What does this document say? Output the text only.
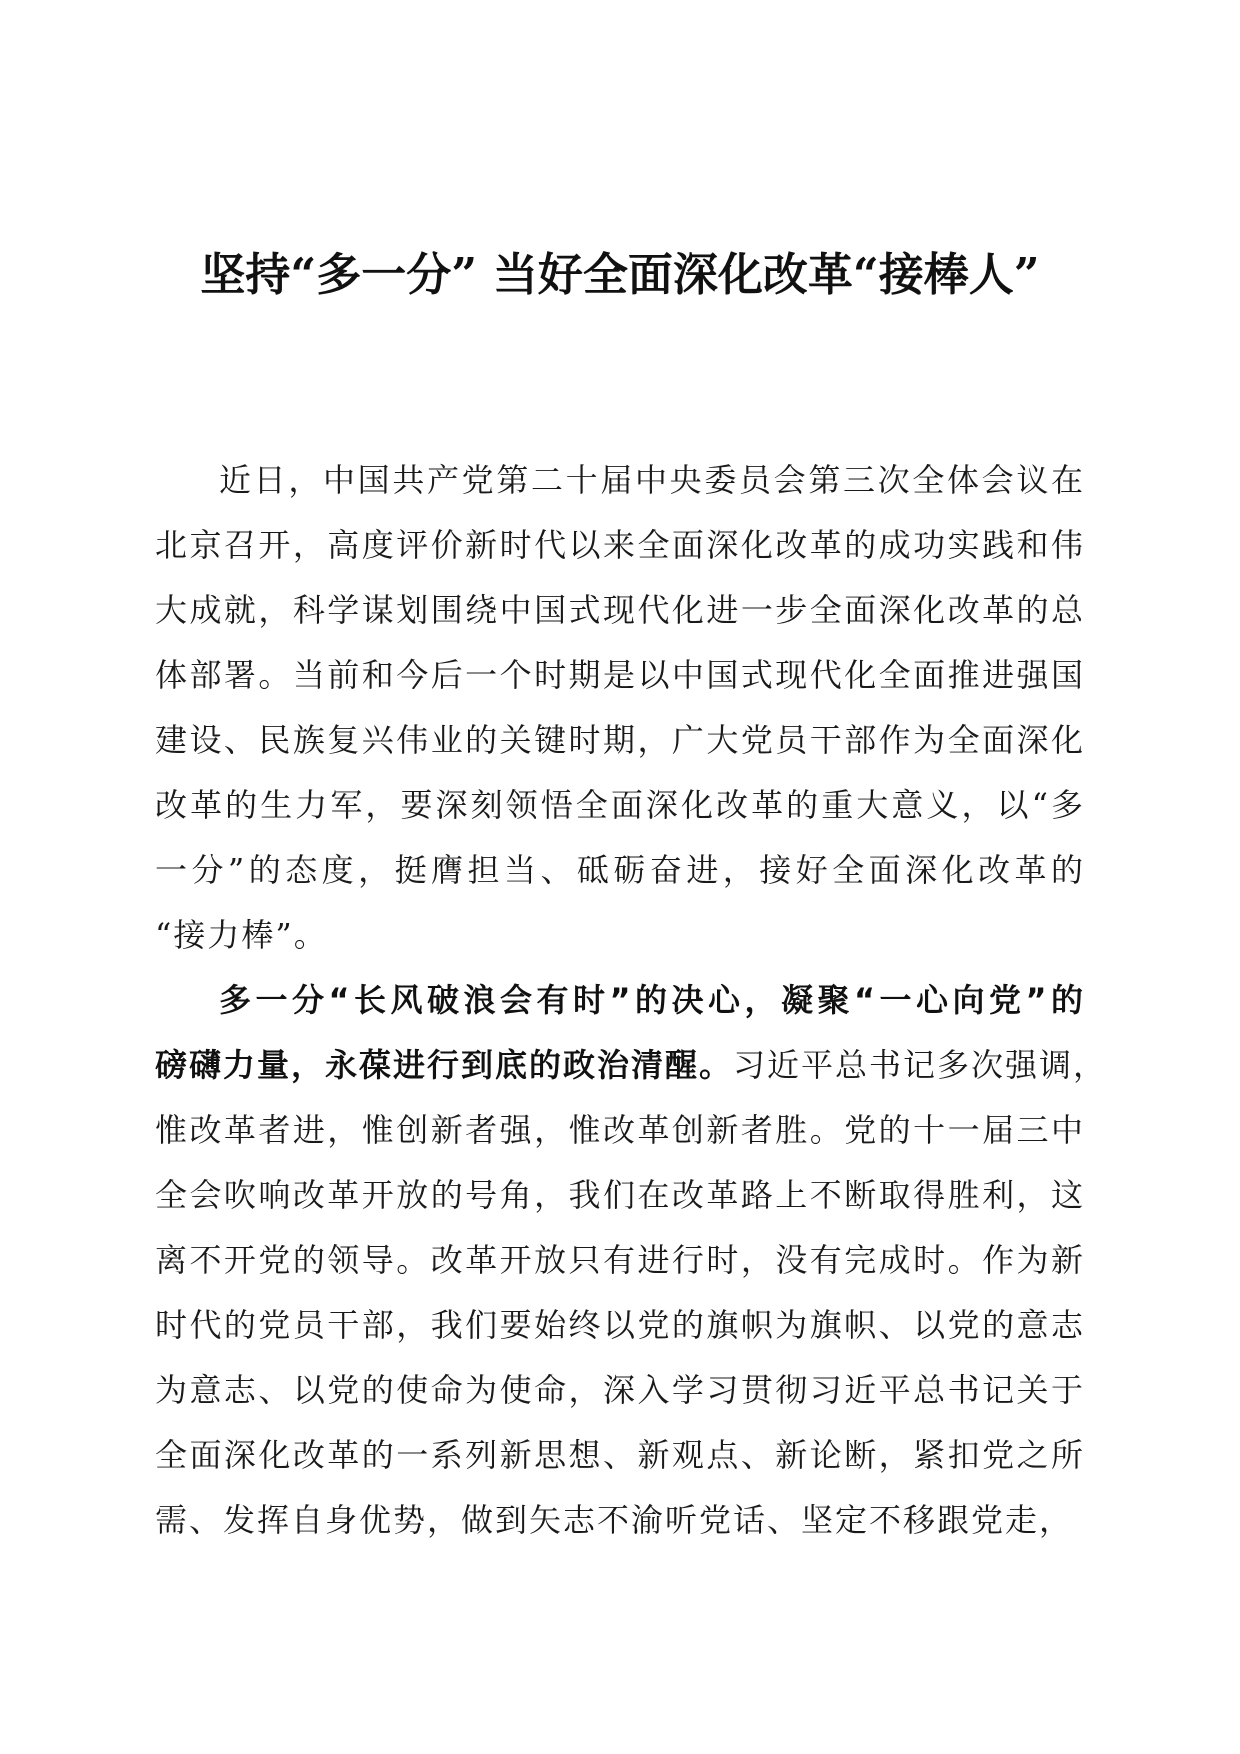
坚持“多一分” 当好全面深化改革“接棒人”
近日，中国共产党第二十届中央委员会第三次全体会议在
北京召开，高度评价新时代以来全面深化改革的成功实践和伟
大成就，科学谋划围绕中国式现代化进一步全面深化改革的总
体部署。当前和今后一个时期是以中国式现代化全面推进强国
建设、民族复兴伟业的关键时期，广大党员干部作为全面深化
改革的生力军，要深刻领悟全面深化改革的重大意义，以“多
一分”的态度，挺膺担当、砥砺奋进，接好全面深化改革的
“接力棒”。
多一分“长风破浪会有时”的决心，凝聚“一心向党”的
磅礴力量，永葆进行到底的政治清醒。习近平总书记多次强调，
惟改革者进，惟创新者强，惟改革创新者胜。党的十一届三中
全会吹响改革开放的号角，我们在改革路上不断取得胜利，这
离不开党的领导。改革开放只有进行时，没有完成时。作为新
时代的党员干部，我们要始终以党的旗帜为旗帜、以党的意志
为意志、以党的使命为使命，深入学习贯彻习近平总书记关于
全面深化改革的一系列新思想、新观点、新论断，紧扣党之所
需、发挥自身优势，做到矢志不渝听党话、坚定不移跟党走，
